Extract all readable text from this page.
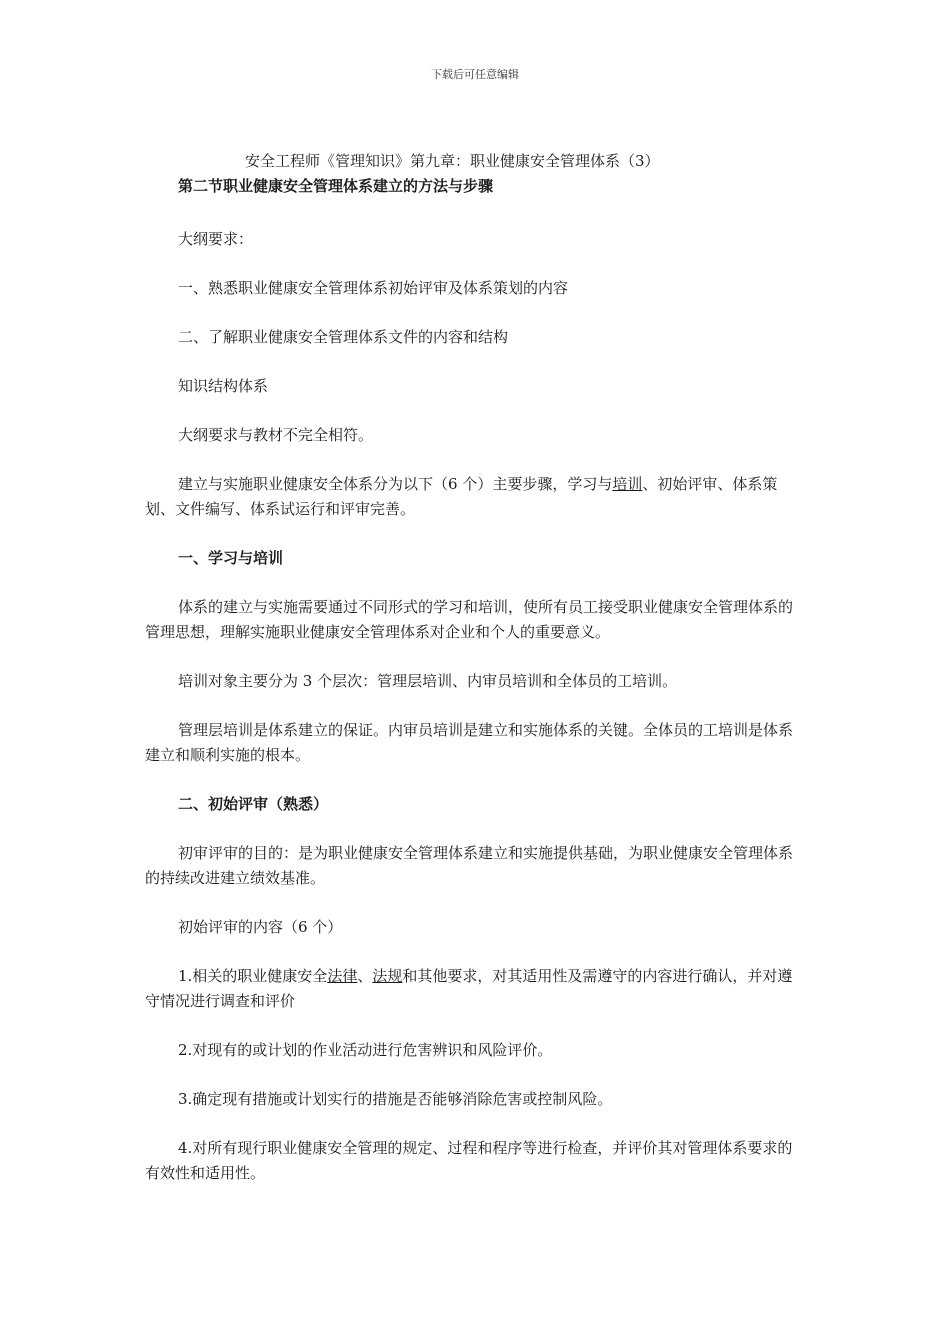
下载后可任意编辑
安全工程师《管理知识》第九章：职业健康安全管理体系（3）

第二节职业健康安全管理体系建立的方法与步骤

大纲要求：

一、熟悉职业健康安全管理体系初始评审及体系策划的内容

二、了解职业健康安全管理体系文件的内容和结构

知识结构体系

大纲要求与教材不完全相符。

建立与实施职业健康安全体系分为以下（6 个）主要步骤，学习与培训、初始评审、体系策划、文件编写、体系试运行和评审完善。

一、学习与培训

体系的建立与实施需要通过不同形式的学习和培训，使所有员工接受职业健康安全管理体系的管理思想，理解实施职业健康安全管理体系对企业和个人的重要意义。

培训对象主要分为 3 个层次：管理层培训、内审员培训和全体员的工培训。

管理层培训是体系建立的保证。内审员培训是建立和实施体系的关键。全体员的工培训是体系建立和顺利实施的根本。

二、初始评审（熟悉）

初审评审的目的：是为职业健康安全管理体系建立和实施提供基础，为职业健康安全管理体系的持续改进建立绩效基准。

初始评审的内容（6 个）

1.相关的职业健康安全法律、法规和其他要求，对其适用性及需遵守的内容进行确认，并对遵守情况进行调查和评价

2.对现有的或计划的作业活动进行危害辨识和风险评价。

3.确定现有措施或计划实行的措施是否能够消除危害或控制风险。

4.对所有现行职业健康安全管理的规定、过程和程序等进行检查，并评价其对管理体系要求的有效性和适用性。
